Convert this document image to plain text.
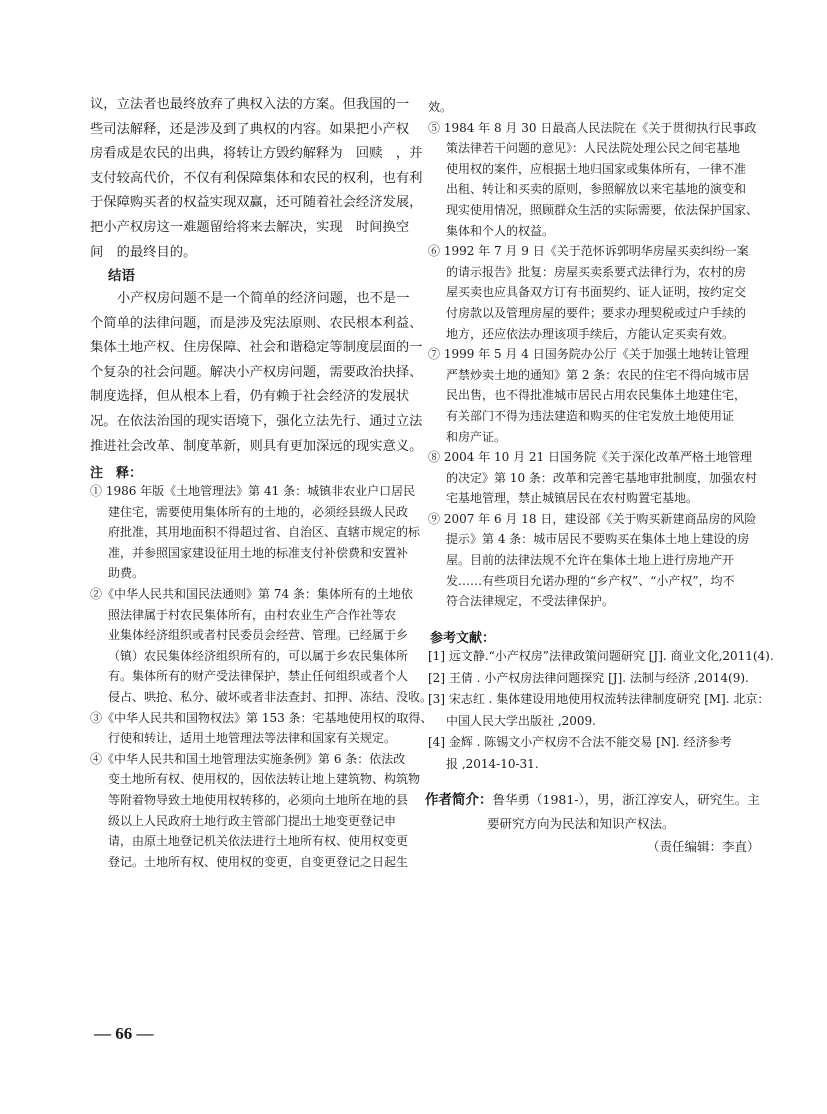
议，立法者也最终放弃了典权入法的方案。但我国的一
些司法解释，还是涉及到了典权的内容。如果把小产权
房看成是农民的出典，将转让方毁约解释为　回赎　，并
支付较高代价，不仅有利保障集体和农民的权利，也有利
于保障购买者的权益实现双赢，还可随着社会经济发展，
把小产权房这一难题留给将来去解决，实现　时间换空
间　的最终目的。
结语
小产权房问题不是一个简单的经济问题，也不是一
个简单的法律问题，而是涉及宪法原则、农民根本利益、
集体土地产权、住房保障、社会和谐稳定等制度层面的一
个复杂的社会问题。解决小产权房问题，需要政治抉择、
制度选择，但从根本上看，仍有赖于社会经济的发展状
况。在依法治国的现实语境下，强化立法先行、通过立法
推进社会改革、制度革新，则具有更加深远的现实意义。
注　释：
① 1986 年版《土地管理法》第 41 条：城镇非农业户口居民
建住宅，需要使用集体所有的土地的，必须经县级人民政
府批准，其用地面积不得超过省、自治区、直辖市规定的标
准，并参照国家建设征用土地的标准支付补偿费和安置补
助费。
②《中华人民共和国民法通则》第 74 条：集体所有的土地依
照法律属于村农民集体所有，由村农业生产合作社等农
业集体经济组织或者村民委员会经营、管理。已经属于乡
（镇）农民集体经济组织所有的，可以属于乡农民集体所
有。集体所有的财产受法律保护，禁止任何组织或者个人
侵占、哄抢、私分、破坏或者非法查封、扣押、冻结、没收。
③《中华人民共和国物权法》第 153 条：宅基地使用权的取得、
行使和转让，适用土地管理法等法律和国家有关规定。
④《中华人民共和国土地管理法实施条例》第 6 条：依法改
变土地所有权、使用权的，因依法转让地上建筑物、构筑物
等附着物导致土地使用权转移的，必须向土地所在地的县
级以上人民政府土地行政主管部门提出土地变更登记申
请，由原土地登记机关依法进行土地所有权、使用权变更
登记。土地所有权、使用权的变更，自变更登记之日起生
效。
⑤ 1984 年 8 月 30 日最高人民法院在《关于贯彻执行民事政
策法律若干问题的意见》：人民法院处理公民之间宅基地
使用权的案件，应根据土地归国家或集体所有，一律不准
出租、转让和买卖的原则，参照解放以来宅基地的演变和
现实使用情况，照顾群众生活的实际需要，依法保护国家、
集体和个人的权益。
⑥ 1992 年 7 月 9 日《关于范怀诉郭明华房屋买卖纠纷一案
的请示报告》批复：房屋买卖系要式法律行为，农村的房
屋买卖也应具备双方订有书面契约、证人证明，按约定交
付房款以及管理房屋的要件；要求办理契税或过户手续的
地方，还应依法办理该项手续后，方能认定买卖有效。
⑦ 1999 年 5 月 4 日国务院办公厅《关于加强土地转让管理
严禁炒卖土地的通知》第 2 条：农民的住宅不得向城市居
民出售，也不得批准城市居民占用农民集体土地建住宅，
有关部门不得为违法建造和购买的住宅发放土地使用证
和房产证。
⑧ 2004 年 10 月 21 日国务院《关于深化改革严格土地管理
的决定》第 10 条：改革和完善宅基地审批制度，加强农村
宅基地管理，禁止城镇居民在农村购置宅基地。
⑨ 2007 年 6 月 18 日，建设部《关于购买新建商品房的风险
提示》第 4 条：城市居民不要购买在集体土地上建设的房
屋。目前的法律法规不允许在集体土地上进行房地产开
发……有些项目允诺办理的“乡产权”、“小产权”，均不
符合法律规定，不受法律保护。
参考文献：
[1] 远文静.“小产权房”法律政策问题研究 [J]. 商业文化,2011(4).
[2] 王倩 . 小产权房法律问题探究 [J]. 法制与经济 ,2014(9).
[3] 宋志红 . 集体建设用地使用权流转法律制度研究 [M]. 北京：
中国人民大学出版社 ,2009.
[4] 金辉 . 陈锡文小产权房不合法不能交易 [N]. 经济参考
报 ,2014-10-31.
作者简介：鲁华勇（1981-），男，浙江淳安人，研究生。主
要研究方向为民法和知识产权法。
（责任编辑：李直）
— 66 —
